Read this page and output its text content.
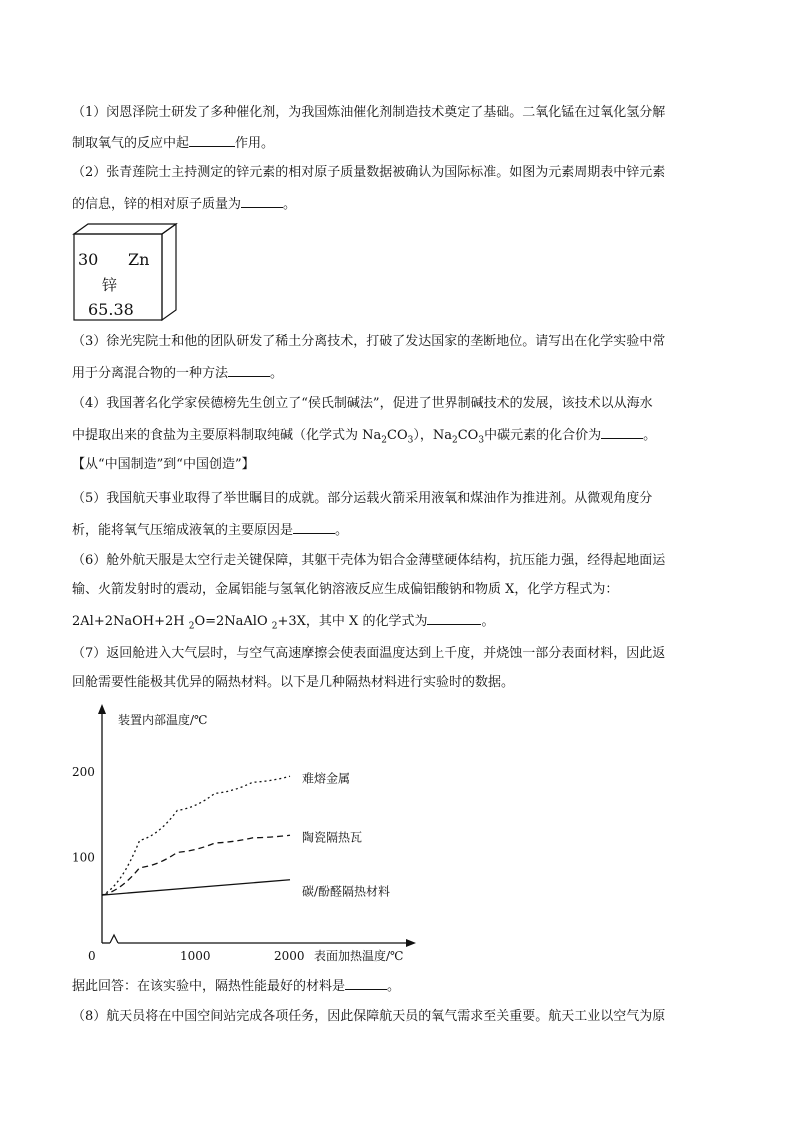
（1）闵恩泽院士研发了多种催化剂，为我国炼油催化剂制造技术奠定了基础。二氧化锰在过氧化氢分解
制取氧气的反应中起	作用。
（2）张青莲院士主持测定的锌元素的相对原子质量数据被确认为国际标准。如图为元素周期表中锌元素
的信息，锌的相对原子质量为	。
30 Zn
锌
65.38
（3）徐光宪院士和他的团队研发了稀土分离技术，打破了发达国家的垄断地位。请写出在化学实验中常
用于分离混合物的一种方法	。
（4）我国著名化学家侯德榜先生创立了“侯氏制碱法”，促进了世界制碱技术的发展，该技术以从海水
中提取出来的食盐为主要原料制取纯碱（化学式为 $Na_2CO_3$），$Na_2CO_3$中碳元素的化合价为	。
【从“中国制造”到“中国创造”】
（5）我国航天事业取得了举世瞩目的成就。部分运载火箭采用液氧和煤油作为推进剂。从微观角度分
析，能将氧气压缩成液氧的主要原因是	。
（6）舱外航天服是太空行走关键保障，其躯干壳体为铝合金薄壁硬体结构，抗压能力强，经得起地面运
输、火箭发射时的震动，金属铝能与氢氧化钠溶液反应生成偏铝酸钠和物质 X，化学方程式为：
2Al+2NaOH+2H $_2$O=2NaAlO $_2$+3X，其中 X 的化学式为	。
（7）返回舱进入大气层时，与空气高速摩擦会使表面温度达到上千度，并烧蚀一部分表面材料，因此返
回舱需要性能极其优异的隔热材料。以下是几种隔热材料进行实验时的数据。
装置内部温度/℃
表面加热温度/℃
0	1000	2000
100
200	难熔金属
陶瓷隔热瓦
碳/酚醛隔热材料
据此回答：在该实验中，隔热性能最好的材料是	。
（8）航天员将在中国空间站完成各项任务，因此保障航天员的氧气需求至关重要。航天工业以空气为原
